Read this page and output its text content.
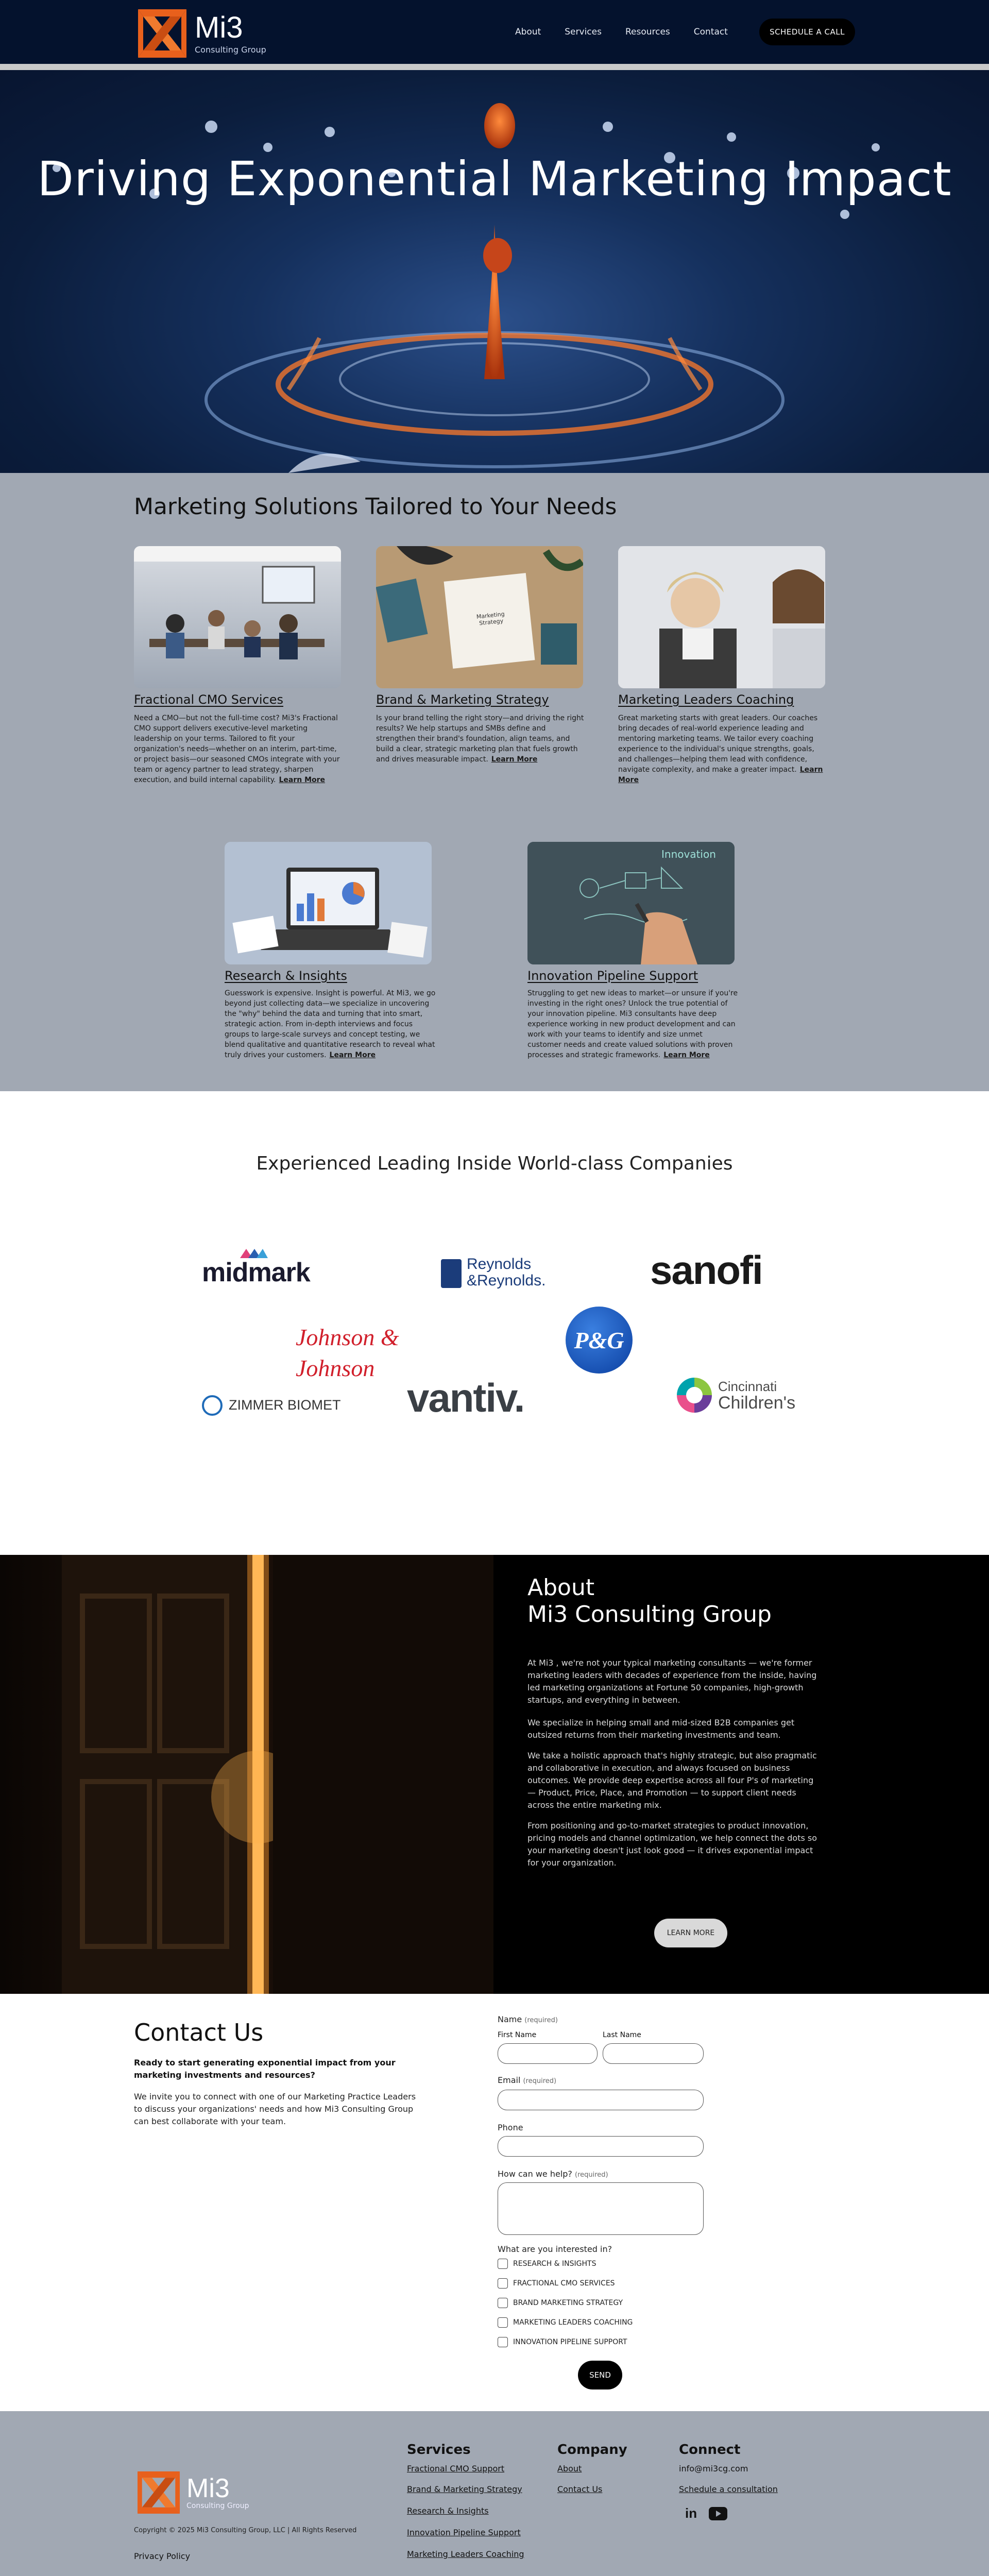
Mi3
Consulting Group
About	Services	Resources	Contact	SCHEDULE A CALL
Driving Exponential Marketing Impact
Marketing Solutions Tailored to Your Needs
Fractional CMO Services
Need a CMO—but not the full-time cost? Mi3's Fractional CMO support delivers executive-level marketing leadership on your terms. Tailored to fit your organization's needs—whether on an interim, part-time, or project basis—our seasoned CMOs integrate with your team or agency partner to lead strategy, sharpen execution, and build internal capability. Learn More
Marketing Strategy
Brand & Marketing Strategy
Is your brand telling the right story—and driving the right results? We help startups and SMBs define and strengthen their brand's foundation, align teams, and build a clear, strategic marketing plan that fuels growth and drives measurable impact. Learn More
Marketing Leaders Coaching
Great marketing starts with great leaders. Our coaches bring decades of real-world experience leading and mentoring marketing teams. We tailor every coaching experience to the individual's unique strengths, goals, and challenges—helping them lead with confidence, navigate complexity, and make a greater impact. Learn More
Research & Insights
Guesswork is expensive. Insight is powerful. At Mi3, we go beyond just collecting data—we specialize in uncovering the "why" behind the data and turning that into smart, strategic action. From in-depth interviews and focus groups to large-scale surveys and concept testing, we blend qualitative and quantitative research to reveal what truly drives your customers. Learn More
Innovation
Innovation Pipeline Support
Struggling to get new ideas to market—or unsure if you're investing in the right ones? Unlock the true potential of your innovation pipeline. Mi3 consultants have deep experience working in new product development and can work with your teams to identify and size unmet customer needs and create valued solutions with proven processes and strategic frameworks. Learn More
Experienced Leading Inside World-class Companies
midmark	Reynolds
&Reynolds.	sanofi
Johnson & Johnson
P&G
ZIMMER BIOMET vantiv.	Cincinnati
Children's
About
Mi3 Consulting Group
At Mi3 , we're not your typical marketing consultants — we're former marketing leaders with decades of experience from the inside, having led marketing organizations at Fortune 50 companies, high-growth startups, and everything in between.
We specialize in helping small and mid-sized B2B companies get outsized returns from their marketing investments and team.
We take a holistic approach that's highly strategic, but also pragmatic and collaborative in execution, and always focused on business outcomes. We provide deep expertise across all four P's of marketing — Product, Price, Place, and Promotion — to support client needs across the entire marketing mix.
From positioning and go-to-market strategies to product innovation, pricing models and channel optimization, we help connect the dots so your marketing doesn't just look good — it drives exponential impact for your organization.
LEARN MORE
Contact Us
Ready to start generating exponential impact from your marketing investments and resources?
We invite you to connect with one of our Marketing Practice Leaders to discuss your organizations' needs and how Mi3 Consulting Group can best collaborate with your team.
Name (required)
First Name	Last Name
Email (required)
Phone
How can we help? (required)
What are you interested in?
RESEARCH & INSIGHTS
FRACTIONAL CMO SERVICES
BRAND MARKETING STRATEGY
MARKETING LEADERS COACHING
INNOVATION PIPELINE SUPPORT
SEND
Mi3
Consulting Group
Copyright © 2025 Mi3 Consulting Group, LLC | All Rights Reserved
Privacy Policy
Services
Fractional CMO Support
Brand & Marketing Strategy
Research & Insights
Innovation Pipeline Support
Marketing Leaders Coaching
Company
About
Contact Us
Connect
info@mi3cg.com
Schedule a consultation
in
